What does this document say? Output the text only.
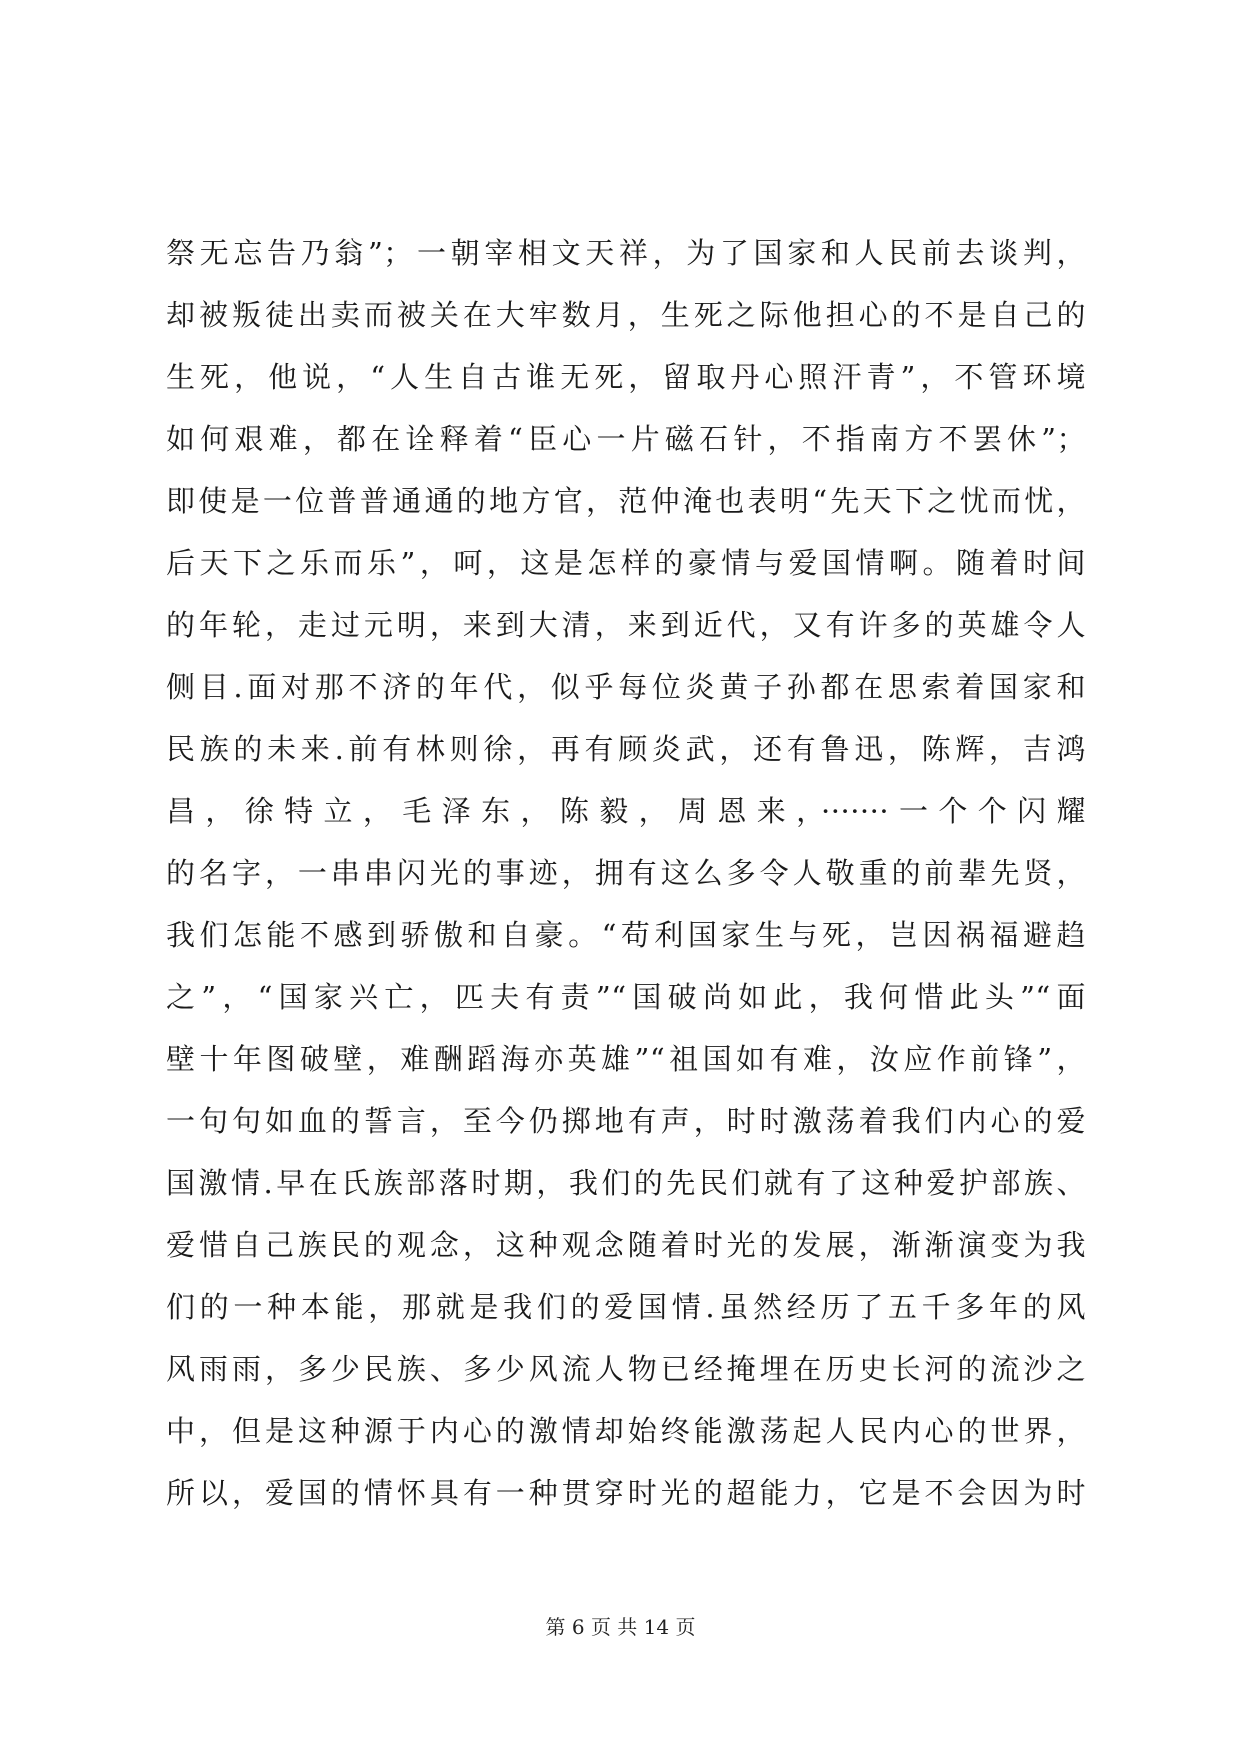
祭无忘告乃翁”；一朝宰相文天祥，为了国家和人民前去谈判，
却被叛徒出卖而被关在大牢数月，生死之际他担心的不是自己的
生死，他说，“人生自古谁无死，留取丹心照汗青”，不管环境
如何艰难，都在诠释着“臣心一片磁石针，不指南方不罢休”；
即使是一位普普通通的地方官，范仲淹也表明“先天下之忧而忧，
后天下之乐而乐”，呵，这是怎样的豪情与爱国情啊。随着时间
的年轮，走过元明，来到大清，来到近代，又有许多的英雄令人
侧目.面对那不济的年代，似乎每位炎黄子孙都在思索着国家和
民族的未来.前有林则徐，再有顾炎武，还有鲁迅，陈辉，吉鸿
昌，徐特立，毛泽东，陈毅，周恩来，·······一个个闪耀
的名字，一串串闪光的事迹，拥有这么多令人敬重的前辈先贤，
我们怎能不感到骄傲和自豪。“苟利国家生与死，岂因祸福避趋
之”，“国家兴亡，匹夫有责”“国破尚如此，我何惜此头”“面
壁十年图破壁，难酬蹈海亦英雄”“祖国如有难，汝应作前锋”，
一句句如血的誓言，至今仍掷地有声，时时激荡着我们内心的爱
国激情.早在氏族部落时期，我们的先民们就有了这种爱护部族、
爱惜自己族民的观念，这种观念随着时光的发展，渐渐演变为我
们的一种本能，那就是我们的爱国情.虽然经历了五千多年的风
风雨雨，多少民族、多少风流人物已经掩埋在历史长河的流沙之
中，但是这种源于内心的激情却始终能激荡起人民内心的世界，
所以，爱国的情怀具有一种贯穿时光的超能力，它是不会因为时
第 6 页 共 14 页
